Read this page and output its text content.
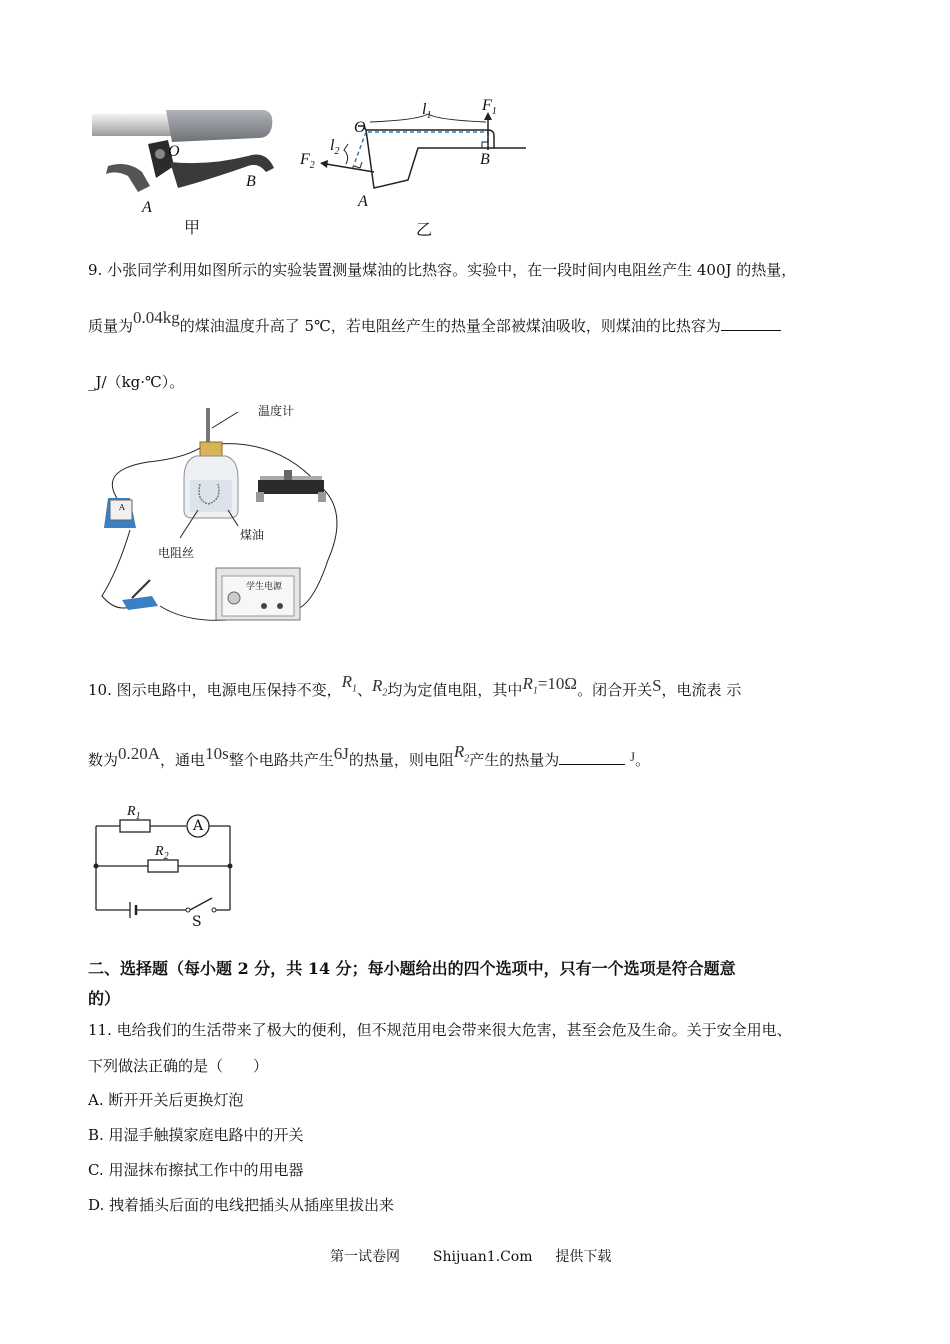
O
B
A
甲
O
$l_1$
$F_1$
$l_2$
$F_2$	B
A
乙
9. 小张同学利用如图所示的实验装置测量煤油的比热容。实验中，在一段时间内电阻丝产生 400J 的热量，
质量为0.04kg的煤油温度升高了 5℃，若电阻丝产生的热量全部被煤油吸收，则煤油的比热容为
_J/（kg·℃）。
温度计
A
煤油
电阻丝
学生电源
10. 图示电路中，电源电压保持不变，$R_1$、$R_2$均为定值电阻，其中$R_1=10\Omega$。闭合开关S，电流表 示
数为0.20A，通电10s整个电路共产生6J的热量，则电阻$R_2$产生的热量为	J。
$R_1$
A
$R_2$
S
二、选择题（每小题 2 分，共 14 分；每小题给出的四个选项中，只有一个选项是符合题意
的）
11. 电给我们的生活带来了极大的便利，但不规范用电会带来很大危害，甚至会危及生命。关于安全用电、
下列做法正确的是（　　）
A. 断开开关后更换灯泡
B. 用湿手触摸家庭电路中的开关
C. 用湿抹布擦拭工作中的用电器
D. 拽着插头后面的电线把插头从插座里拔出来
第一试卷网 Shijuan1.Com 提供下载
